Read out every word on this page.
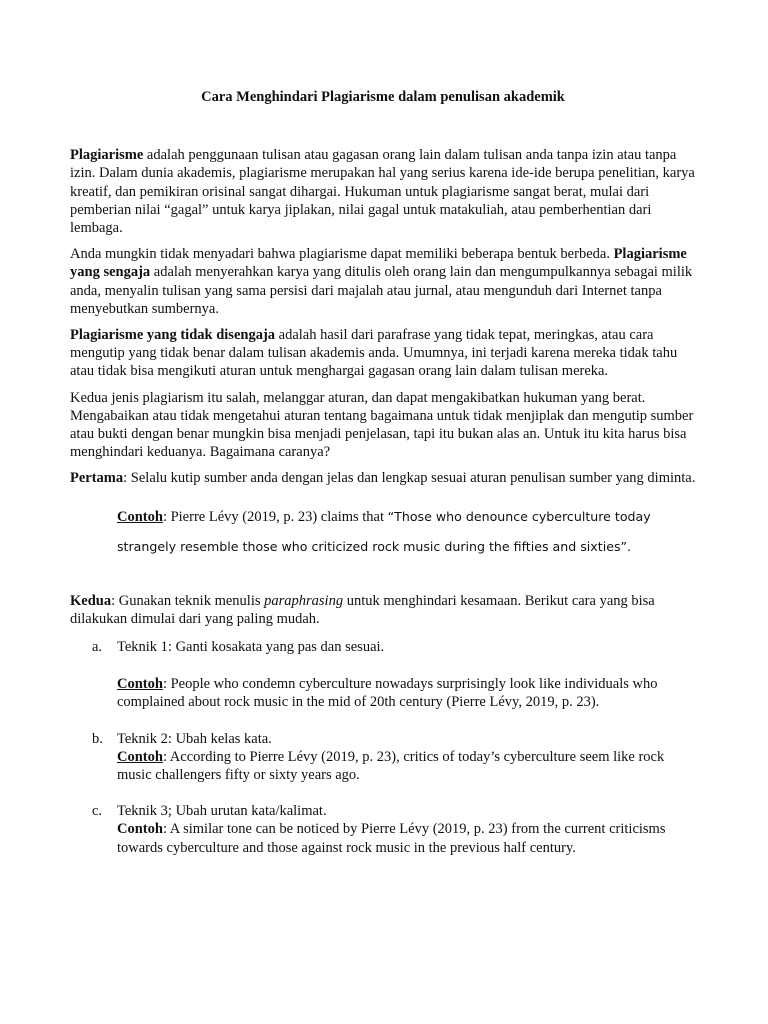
Cara Menghindari Plagiarisme dalam penulisan akademik

Plagiarisme adalah penggunaan tulisan atau gagasan orang lain dalam tulisan anda tanpa izin atau tanpa izin. Dalam dunia akademis, plagiarisme merupakan hal yang serius karena ide-ide berupa penelitian, karya kreatif, dan pemikiran orisinal sangat dihargai. Hukuman untuk plagiarisme sangat berat, mulai dari pemberian nilai “gagal” untuk karya jiplakan, nilai gagal untuk matakuliah, atau pemberhentian dari lembaga.

Anda mungkin tidak menyadari bahwa plagiarisme dapat memiliki beberapa bentuk berbeda. Plagiarisme yang sengaja adalah menyerahkan karya yang ditulis oleh orang lain dan mengumpulkannya sebagai milik anda, menyalin tulisan yang sama persisi dari majalah atau jurnal, atau mengunduh dari Internet tanpa menyebutkan sumbernya.

Plagiarisme yang tidak disengaja adalah hasil dari parafrase yang tidak tepat, meringkas, atau cara mengutip yang tidak benar dalam tulisan akademis anda. Umumnya, ini terjadi karena mereka tidak tahu atau tidak bisa mengikuti aturan untuk menghargai gagasan orang lain dalam tulisan mereka.

Kedua jenis plagiarism itu salah, melanggar aturan, dan dapat mengakibatkan hukuman yang berat. Mengabaikan atau tidak mengetahui aturan tentang bagaimana untuk tidak menjiplak dan mengutip sumber atau bukti dengan benar mungkin bisa menjadi penjelasan, tapi itu bukan alas an. Untuk itu kita harus bisa menghindari keduanya. Bagaimana caranya?

Pertama: Selalu kutip sumber anda dengan jelas dan lengkap sesuai aturan penulisan sumber yang diminta.

Contoh: Pierre Lévy (2019, p. 23) claims that “Those who denounce cyberculture today strangely resemble those who criticized rock music during the fifties and sixties”.

Kedua: Gunakan teknik menulis paraphrasing untuk menghindari kesamaan. Berikut cara yang bisa dilakukan dimulai dari yang paling mudah.

a. Teknik 1: Ganti kosakata yang pas dan sesuai.

Contoh: People who condemn cyberculture nowadays surprisingly look like individuals who complained about rock music in the mid of 20th century (Pierre Lévy, 2019, p. 23).

b. Teknik 2: Ubah kelas kata.

Contoh: According to Pierre Lévy (2019, p. 23), critics of today’s cyberculture seem like rock music challengers fifty or sixty years ago.

c. Teknik 3; Ubah urutan kata/kalimat.

Contoh: A similar tone can be noticed by Pierre Lévy (2019, p. 23) from the current criticisms towards cyberculture and those against rock music in the previous half century.
